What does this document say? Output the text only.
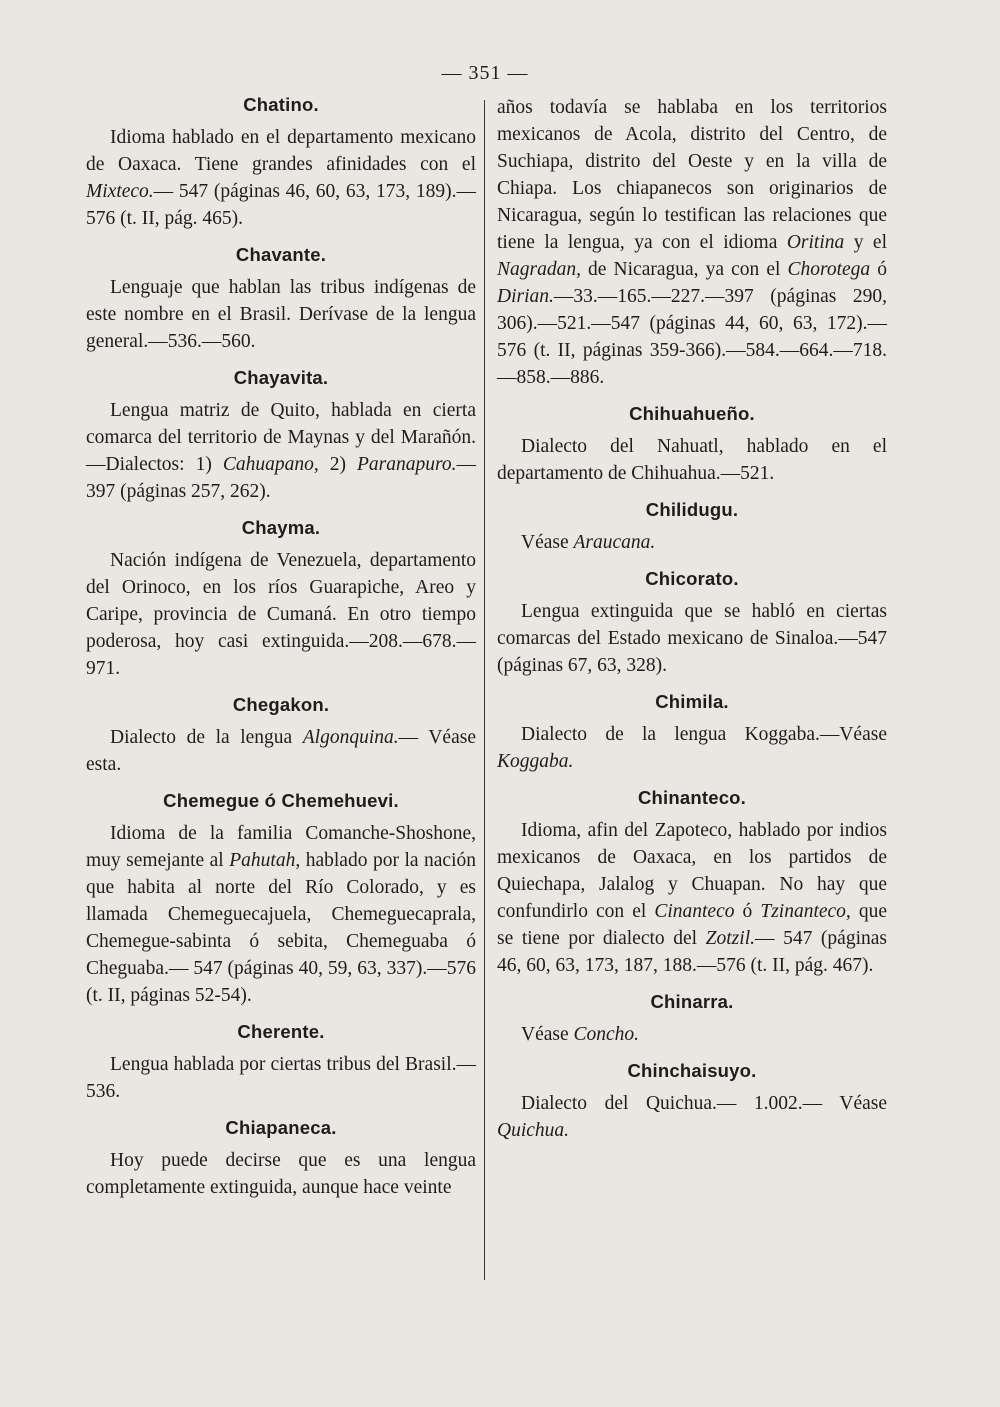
— 351 —
Chatino.

Idioma hablado en el departamento mexicano de Oaxaca. Tiene grandes afinidades con el Mixteco.— 547 (páginas 46, 60, 63, 173, 189).—576 (t. II, pág. 465).

Chavante.

Lenguaje que hablan las tribus indígenas de este nombre en el Brasil. Derívase de la lengua general.—536.—560.

Chayavita.

Lengua matriz de Quito, hablada en cierta comarca del territorio de Maynas y del Marañón.—Dialectos: 1) Cahuapano, 2) Paranapuro.—397 (páginas 257, 262).

Chayma.

Nación indígena de Venezuela, departamento del Orinoco, en los ríos Guarapiche, Areo y Caripe, provincia de Cumaná. En otro tiempo poderosa, hoy casi extinguida.—208.—678.—971.

Chegakon.

Dialecto de la lengua Algonquina.— Véase esta.

Chemegue ó Chemehuevi.

Idioma de la familia Comanche-Shoshone, muy semejante al Pahutah, hablado por la nación que habita al norte del Río Colorado, y es llamada Chemeguecajuela, Chemeguecaprala, Chemegue-sabinta ó sebita, Chemeguaba ó Cheguaba.— 547 (páginas 40, 59, 63, 337).—576 (t. II, páginas 52-54).

Cherente.

Lengua hablada por ciertas tribus del Brasil.—536.

Chiapaneca.

Hoy puede decirse que es una lengua completamente extinguida, aunque hace veinte

años todavía se hablaba en los territorios mexicanos de Acola, distrito del Centro, de Suchiapa, distrito del Oeste y en la villa de Chiapa. Los chiapanecos son originarios de Nicaragua, según lo testifican las relaciones que tiene la lengua, ya con el idioma Oritina y el Nagradan, de Nicaragua, ya con el Chorotega ó Dirian.—33.—165.—227.—397 (páginas 290, 306).—521.—547 (páginas 44, 60, 63, 172).—576 (t. II, páginas 359-366).—584.—664.—718.—858.—886.

Chihuahueño.

Dialecto del Nahuatl, hablado en el departamento de Chihuahua.—521.

Chilidugu.

Véase Araucana.

Chicorato.

Lengua extinguida que se habló en ciertas comarcas del Estado mexicano de Sinaloa.—547 (páginas 67, 63, 328).

Chimila.

Dialecto de la lengua Koggaba.—Véase Koggaba.

Chinanteco.

Idioma, afin del Zapoteco, hablado por indios mexicanos de Oaxaca, en los partidos de Quiechapa, Jalalog y Chuapan. No hay que confundirlo con el Cinanteco ó Tzinanteco, que se tiene por dialecto del Zotzil.— 547 (páginas 46, 60, 63, 173, 187, 188.—576 (t. II, pág. 467).

Chinarra.

Véase Concho.

Chinchaisuyo.

Dialecto del Quichua.— 1.002.— Véase Quichua.
